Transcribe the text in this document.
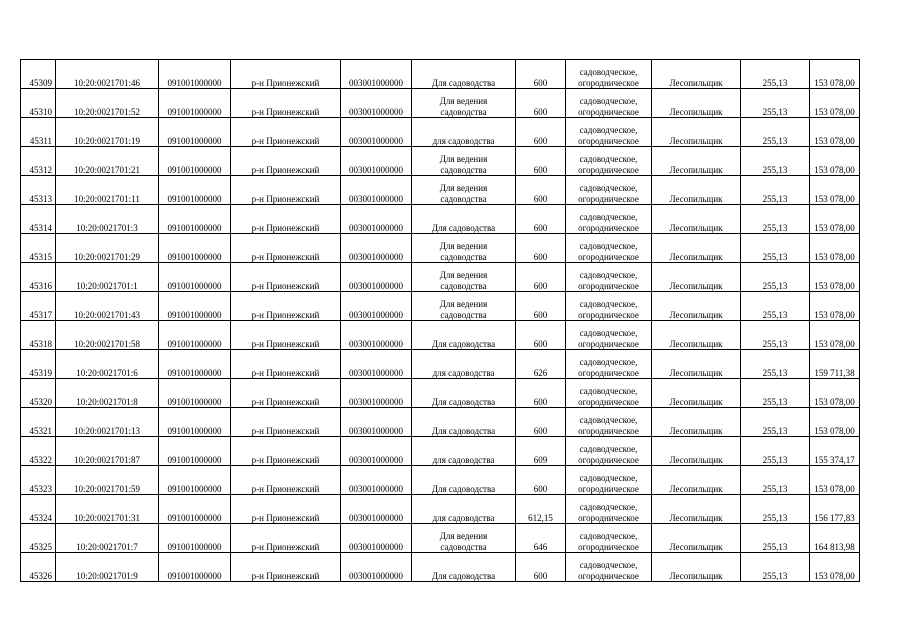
45309	10:20:0021701:46	091001000000	р-н Прионежский	003001000000	Для садоводства	600	садоводческое,
огородническое	Лесопильщик	255,13	153 078,00
45310	10:20:0021701:52	091001000000	р-н Прионежский	003001000000	Для ведения
садоводства	600	садоводческое,
огородническое	Лесопильщик	255,13	153 078,00
45311	10:20:0021701:19	091001000000	р-н Прионежский	003001000000	для садоводства	600	садоводческое,
огородническое	Лесопильщик	255,13	153 078,00
45312	10:20:0021701:21	091001000000	р-н Прионежский	003001000000	Для ведения
садоводства	600	садоводческое,
огородническое	Лесопильщик	255,13	153 078,00
45313	10:20:0021701:11	091001000000	р-н Прионежский	003001000000	Для ведения
садоводства	600	садоводческое,
огородническое	Лесопильщик	255,13	153 078,00
45314	10:20:0021701:3	091001000000	р-н Прионежский	003001000000	Для садоводства	600	садоводческое,
огородническое	Лесопильщик	255,13	153 078,00
45315	10:20:0021701:29	091001000000	р-н Прионежский	003001000000	Для ведения
садоводства	600	садоводческое,
огородническое	Лесопильщик	255,13	153 078,00
45316	10:20:0021701:1	091001000000	р-н Прионежский	003001000000	Для ведения
садоводства	600	садоводческое,
огородническое	Лесопильщик	255,13	153 078,00
45317	10:20:0021701:43	091001000000	р-н Прионежский	003001000000	Для ведения
садоводства	600	садоводческое,
огородническое	Лесопильщик	255,13	153 078,00
45318	10:20:0021701:58	091001000000	р-н Прионежский	003001000000	Для садоводства	600	садоводческое,
огородническое	Лесопильщик	255,13	153 078,00
45319	10:20:0021701:6	091001000000	р-н Прионежский	003001000000	для садоводства	626	садоводческое,
огородническое	Лесопильщик	255,13	159 711,38
45320	10:20:0021701:8	091001000000	р-н Прионежский	003001000000	Для садоводства	600	садоводческое,
огородническое	Лесопильщик	255,13	153 078,00
45321	10:20:0021701:13	091001000000	р-н Прионежский	003001000000	Для садоводства	600	садоводческое,
огородническое	Лесопильщик	255,13	153 078,00
45322	10:20:0021701:87	091001000000	р-н Прионежский	003001000000	для садоводства	609	садоводческое,
огородническое	Лесопильщик	255,13	155 374,17
45323	10:20:0021701:59	091001000000	р-н Прионежский	003001000000	Для садоводства	600	садоводческое,
огородническое	Лесопильщик	255,13	153 078,00
45324	10:20:0021701:31	091001000000	р-н Прионежский	003001000000	для садоводства	612,15	садоводческое,
огородническое	Лесопильщик	255,13	156 177,83
45325	10:20:0021701:7	091001000000	р-н Прионежский	003001000000	Для ведения
садоводства	646	садоводческое,
огородническое	Лесопильщик	255,13	164 813,98
45326	10:20:0021701:9	091001000000	р-н Прионежский	003001000000	Для садоводства	600	садоводческое,
огородническое	Лесопильщик	255,13	153 078,00
